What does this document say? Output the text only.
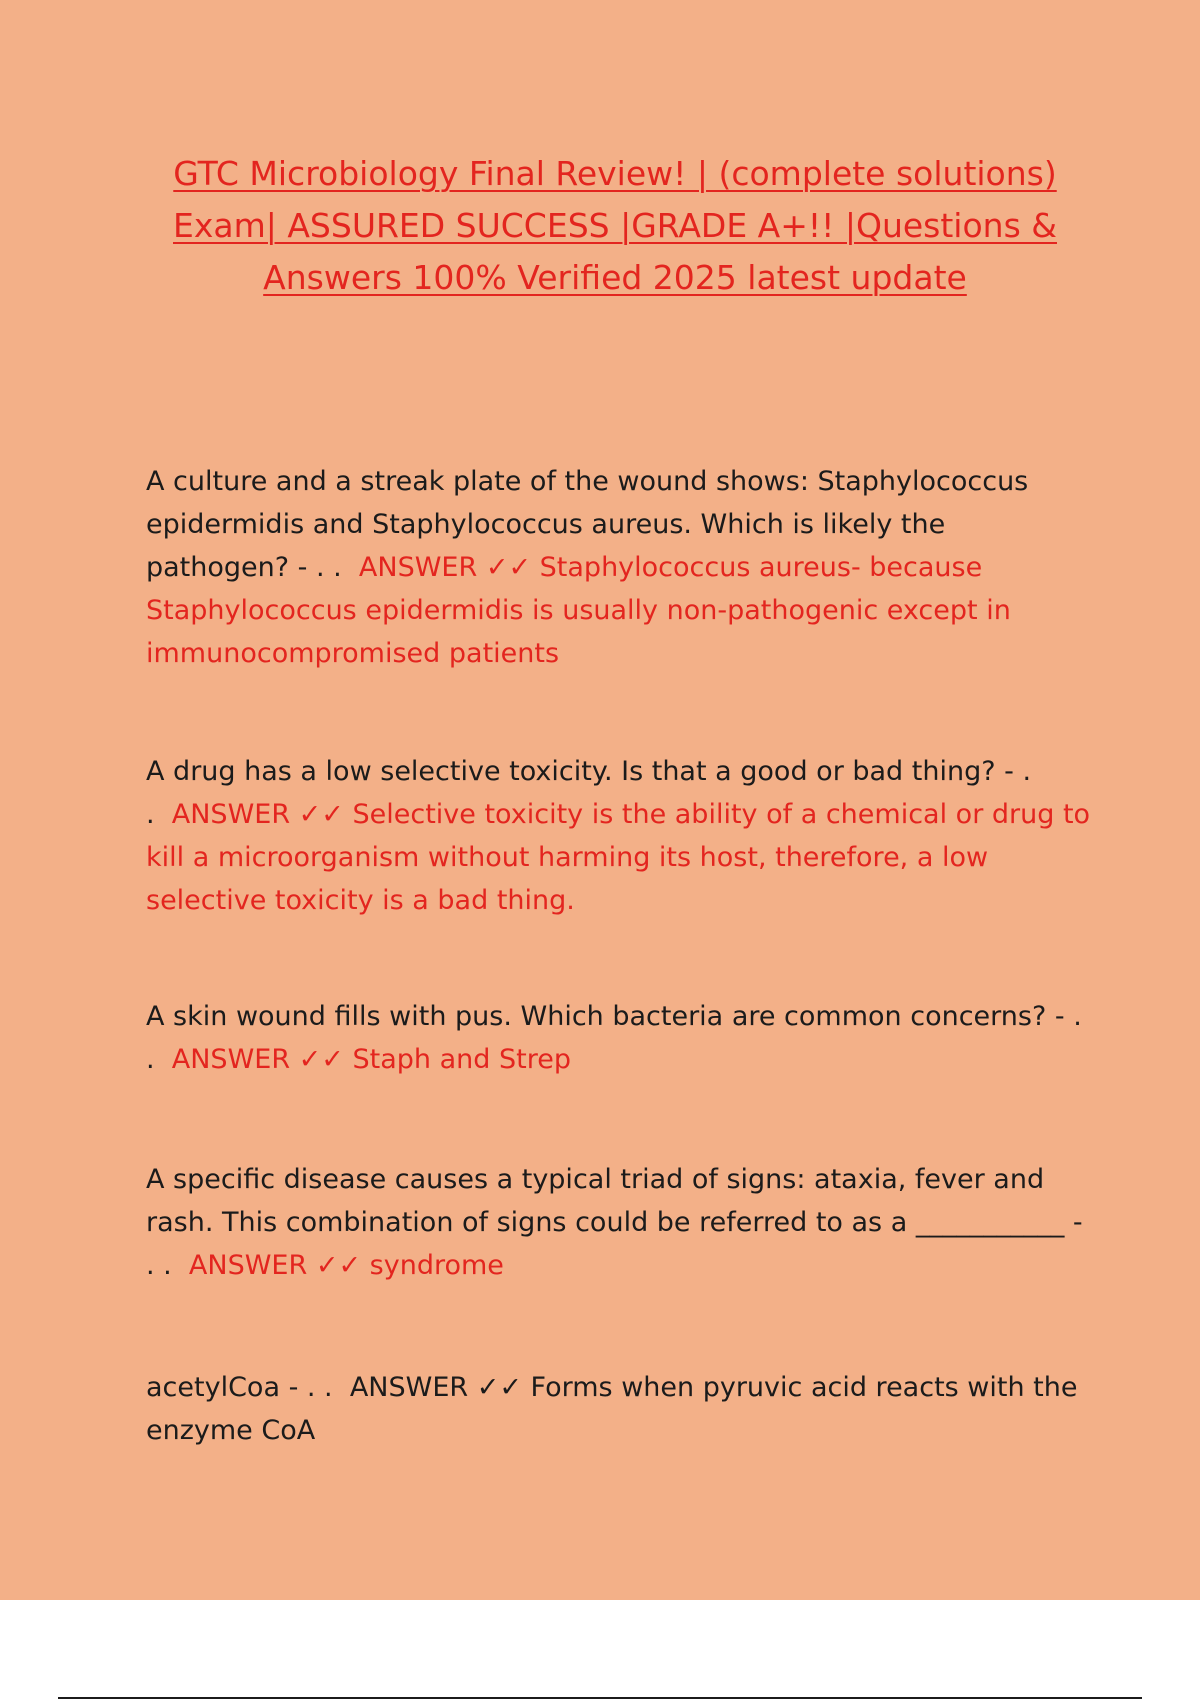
GTC Microbiology Final Review! | (complete solutions) Exam| ASSURED SUCCESS |GRADE A+!! |Questions & Answers 100% Verified 2025 latest update

A culture and a streak plate of the wound shows: Staphylococcus epidermidis and Staphylococcus aureus. Which is likely the pathogen? - . . ANSWER ✓✓ Staphylococcus aureus- because Staphylococcus epidermidis is usually non-pathogenic except in immunocompromised patients

A drug has a low selective toxicity. Is that a good or bad thing? - . . ANSWER ✓✓ Selective toxicity is the ability of a chemical or drug to kill a microorganism without harming its host, therefore, a low selective toxicity is a bad thing.

A skin wound fills with pus. Which bacteria are common concerns? - . . ANSWER ✓✓ Staph and Strep

A specific disease causes a typical triad of signs: ataxia, fever and rash. This combination of signs could be referred to as a ___________ - . . ANSWER ✓✓ syndrome

acetylCoa - . . ANSWER ✓✓ Forms when pyruvic acid reacts with the enzyme CoA
